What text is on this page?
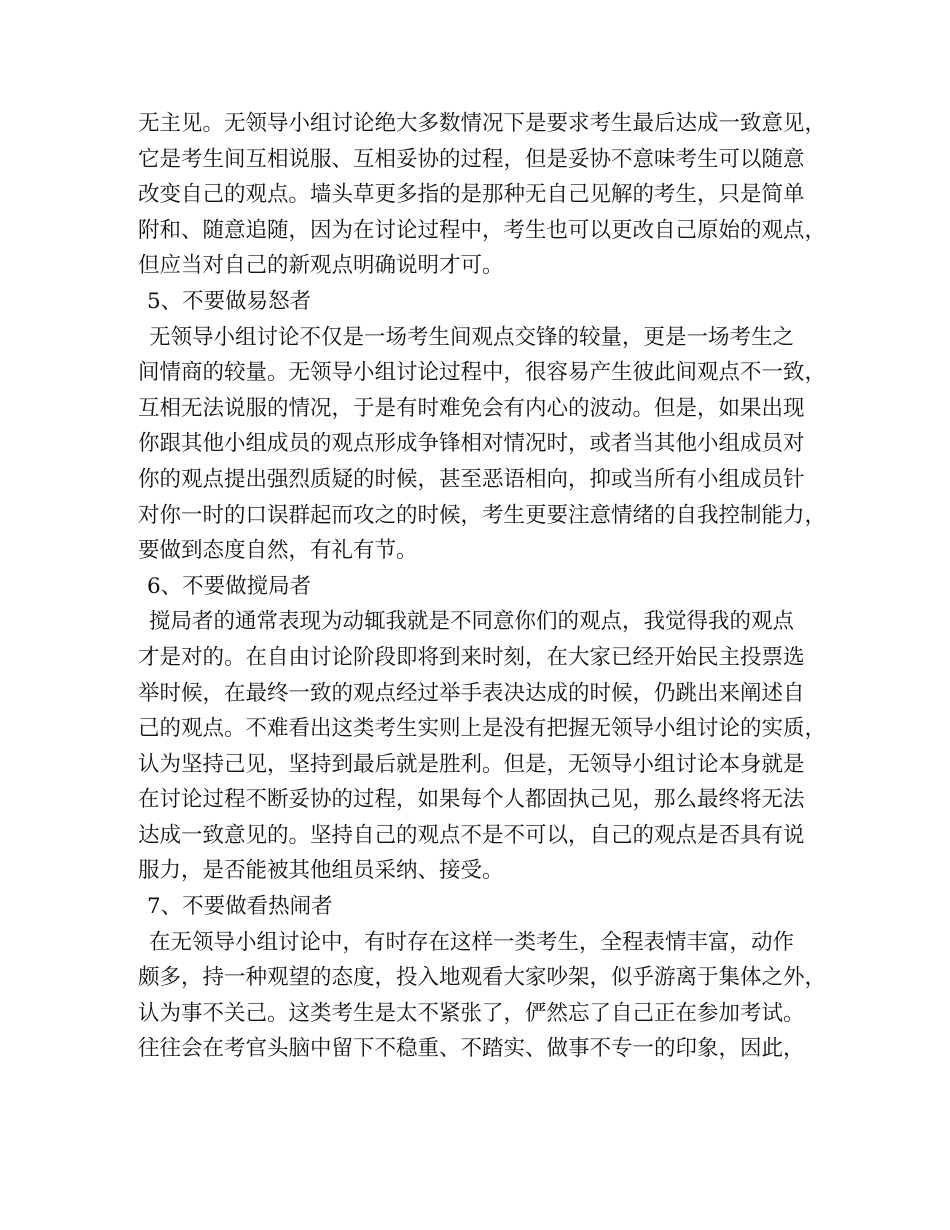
无主见。无领导小组讨论绝大多数情况下是要求考生最后达成一致意见，

它是考生间互相说服、互相妥协的过程，但是妥协不意味考生可以随意

改变自己的观点。墙头草更多指的是那种无自己见解的考生，只是简单

附和、随意追随，因为在讨论过程中，考生也可以更改自己原始的观点，

但应当对自己的新观点明确说明才可。

5、不要做易怒者

无领导小组讨论不仅是一场考生间观点交锋的较量，更是一场考生之

间情商的较量。无领导小组讨论过程中，很容易产生彼此间观点不一致，

互相无法说服的情况，于是有时难免会有内心的波动。但是，如果出现

你跟其他小组成员的观点形成争锋相对情况时，或者当其他小组成员对

你的观点提出强烈质疑的时候，甚至恶语相向，抑或当所有小组成员针

对你一时的口误群起而攻之的时候，考生更要注意情绪的自我控制能力，

要做到态度自然，有礼有节。

6、不要做搅局者

搅局者的通常表现为动辄我就是不同意你们的观点，我觉得我的观点

才是对的。在自由讨论阶段即将到来时刻，在大家已经开始民主投票选

举时候，在最终一致的观点经过举手表决达成的时候，仍跳出来阐述自

己的观点。不难看出这类考生实则上是没有把握无领导小组讨论的实质，

认为坚持己见，坚持到最后就是胜利。但是，无领导小组讨论本身就是

在讨论过程不断妥协的过程，如果每个人都固执己见，那么最终将无法

达成一致意见的。坚持自己的观点不是不可以，自己的观点是否具有说

服力，是否能被其他组员采纳、接受。

7、不要做看热闹者

在无领导小组讨论中，有时存在这样一类考生，全程表情丰富，动作

颇多，持一种观望的态度，投入地观看大家吵架，似乎游离于集体之外，

认为事不关己。这类考生是太不紧张了，俨然忘了自己正在参加考试。

往往会在考官头脑中留下不稳重、不踏实、做事不专一的印象，因此，
